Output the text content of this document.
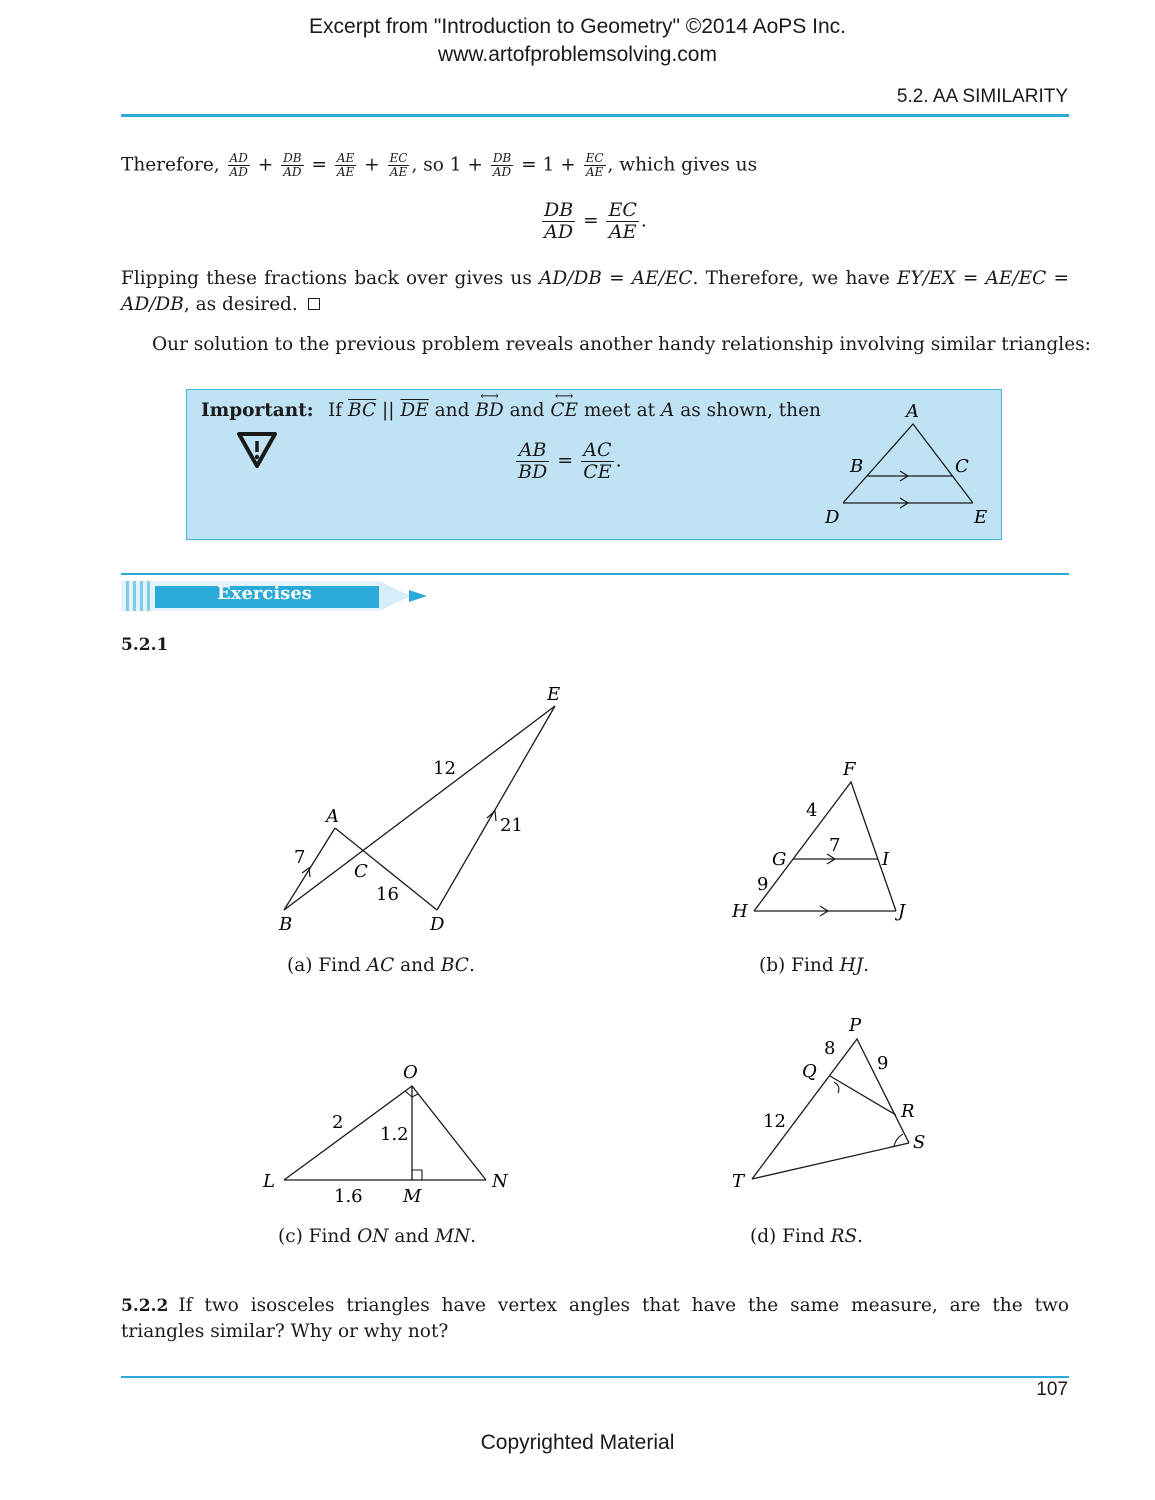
Excerpt from "Introduction to Geometry" ©2014 AoPS Inc.
www.artofproblemsolving.com
5.2. AA SIMILARITY
Therefore, $\frac{AD}{AD} + \frac{DB}{AD} = \frac{AE}{AE} + \frac{EC}{AE}$ , so $1 + \frac{DB}{AD} = 1 + \frac{EC}{AE}$ , which gives us
$\frac{DB}{AD} = \frac{EC}{AE}$ .
Flipping these fractions back over gives us AD/DB = AE/EC. Therefore, we have EY/EX = AE/EC = AD/DB, as desired.
Our solution to the previous problem reveals another handy relationship involving similar triangles:
Important: If $\overline{BC}$ || $\overline{DE}$ and BD
⟷
and CE
⟷
meet at A as shown, then
$\frac{AB}{BD} = \frac{AC}{CE}$ .
A
B	C
D	E
Exercises
5.2.1
E
A
C
B	D
12
21
7
16
(a) Find AC and BC.
F
G	I
H	J
4
7
9
(b) Find HJ.
O
L
M
N
2
1.2
1.6
(c) Find ON and MN.
P
Q
R
S
T
8
9
12
(d) Find RS.
5.2.2 If two isosceles triangles have vertex angles that have the same measure, are the two triangles similar? Why or why not?
107
Copyrighted Material
